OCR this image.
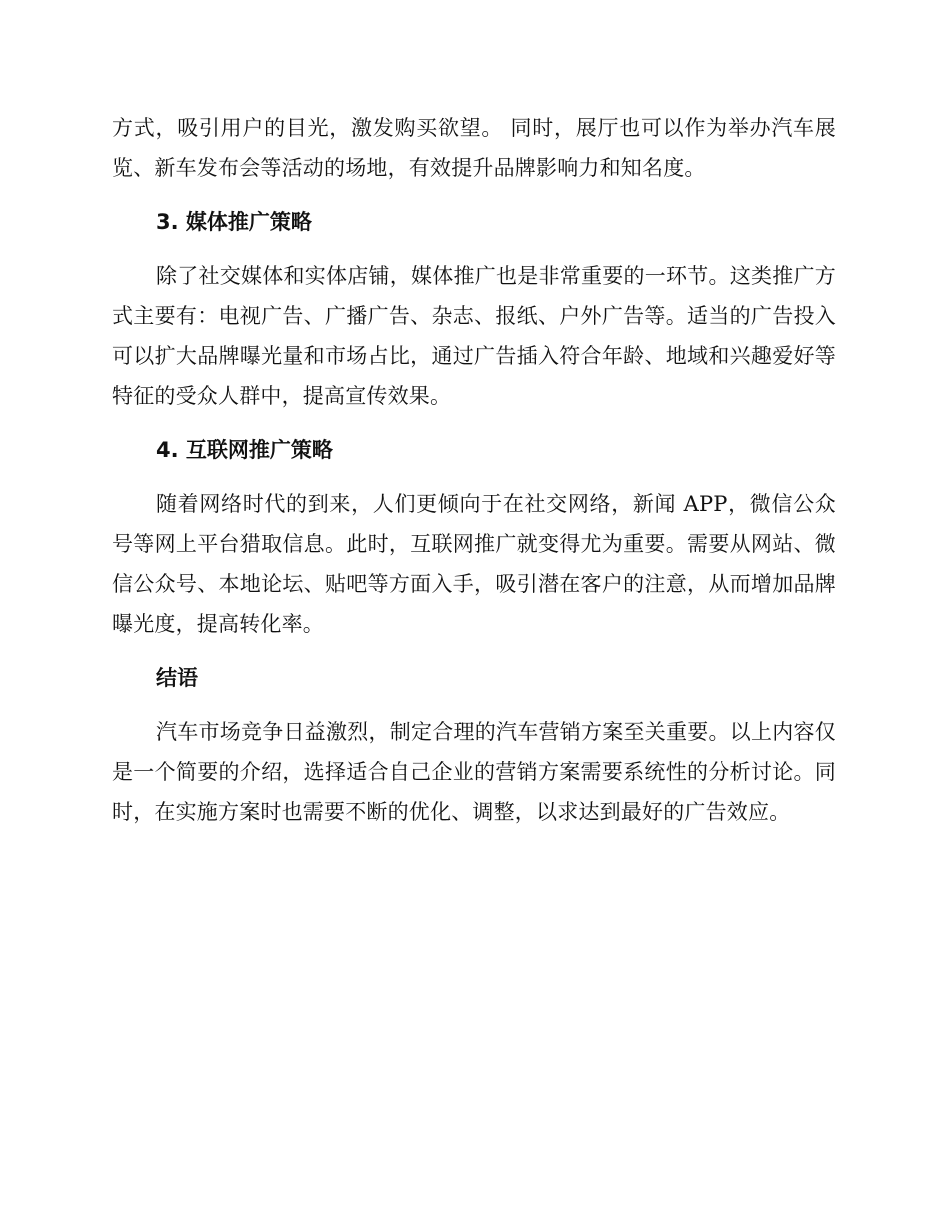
方式，吸引用户的目光，激发购买欲望。 同时，展厅也可以作为举办汽车展览、新车发布会等活动的场地，有效提升品牌影响力和知名度。

3. 媒体推广策略

除了社交媒体和实体店铺，媒体推广也是非常重要的一环节。这类推广方式主要有：电视广告、广播广告、杂志、报纸、户外广告等。适当的广告投入可以扩大品牌曝光量和市场占比，通过广告插入符合年龄、地域和兴趣爱好等特征的受众人群中，提高宣传效果。

4. 互联网推广策略

随着网络时代的到来，人们更倾向于在社交网络，新闻 APP，微信公众号等网上平台猎取信息。此时，互联网推广就变得尤为重要。需要从网站、微信公众号、本地论坛、贴吧等方面入手，吸引潜在客户的注意，从而增加品牌曝光度，提高转化率。

结语

汽车市场竞争日益激烈，制定合理的汽车营销方案至关重要。以上内容仅是一个简要的介绍，选择适合自己企业的营销方案需要系统性的分析讨论。同时，在实施方案时也需要不断的优化、调整，以求达到最好的广告效应。
